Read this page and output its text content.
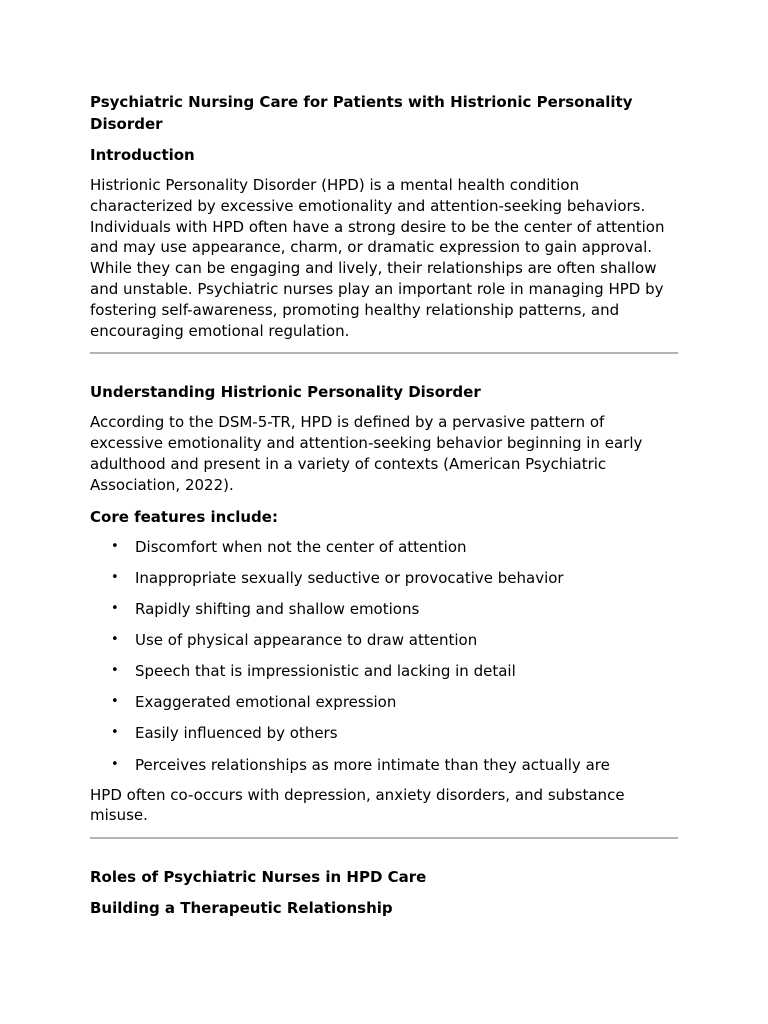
Psychiatric Nursing Care for Patients with Histrionic Personality Disorder
Introduction

Histrionic Personality Disorder (HPD) is a mental health condition characterized by excessive emotionality and attention-seeking behaviors. Individuals with HPD often have a strong desire to be the center of attention and may use appearance, charm, or dramatic expression to gain approval. While they can be engaging and lively, their relationships are often shallow and unstable. Psychiatric nurses play an important role in managing HPD by fostering self-awareness, promoting healthy relationship patterns, and encouraging emotional regulation.

Understanding Histrionic Personality Disorder

According to the DSM-5-TR, HPD is defined by a pervasive pattern of excessive emotionality and attention-seeking behavior beginning in early adulthood and present in a variety of contexts (American Psychiatric Association, 2022).

Core features include:
• Discomfort when not the center of attention
• Inappropriate sexually seductive or provocative behavior
• Rapidly shifting and shallow emotions
• Use of physical appearance to draw attention
• Speech that is impressionistic and lacking in detail
• Exaggerated emotional expression
• Easily influenced by others
• Perceives relationships as more intimate than they actually are

HPD often co-occurs with depression, anxiety disorders, and substance misuse.

Roles of Psychiatric Nurses in HPD Care
Building a Therapeutic Relationship
